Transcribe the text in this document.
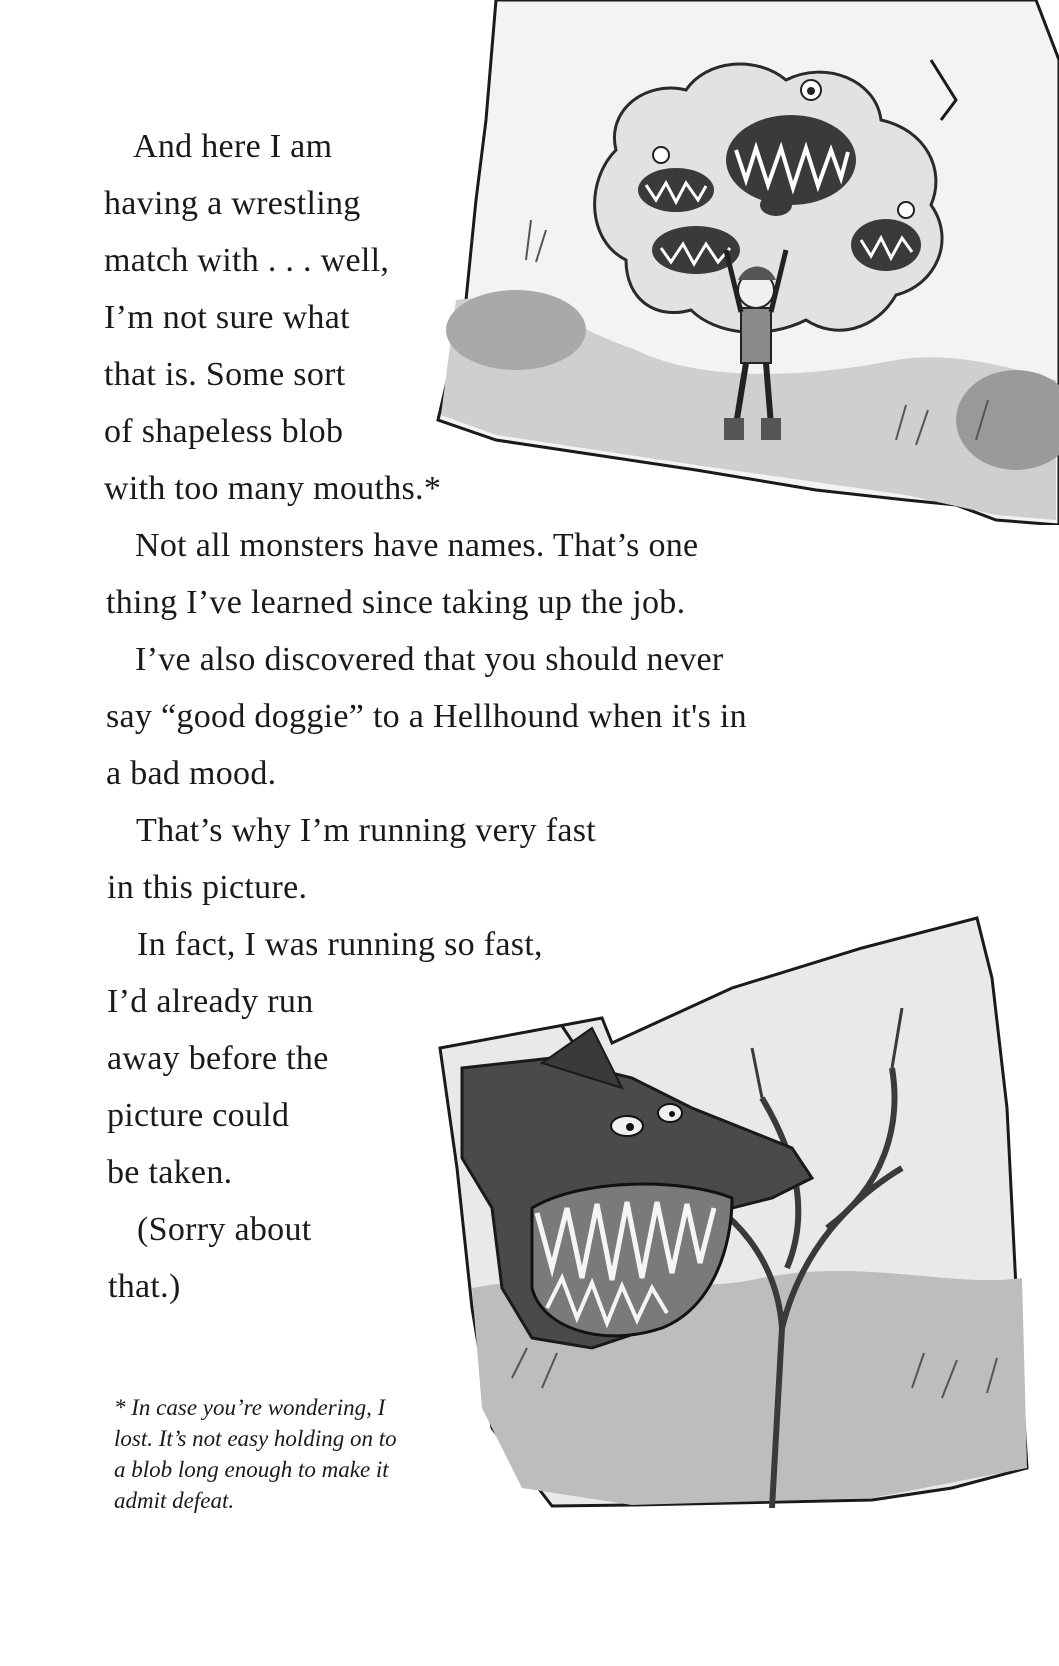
And here I am
having a wrestling
match with . . . well,
I’m not sure what
that is. Some sort
of shapeless blob
with too many mouths.*
Not all monsters have names. That’s one
thing I’ve learned since taking up the job.
I’ve also discovered that you should never
say “good doggie” to a Hellhound when it's in
a bad mood.
That’s why I’m running very fast
in this picture.
In fact, I was running so fast,
I’d already run
away before the
picture could
be taken.
(Sorry about
that.)
* In case you’re wondering, I
lost. It’s not easy holding on to
a blob long enough to make it
admit defeat.
